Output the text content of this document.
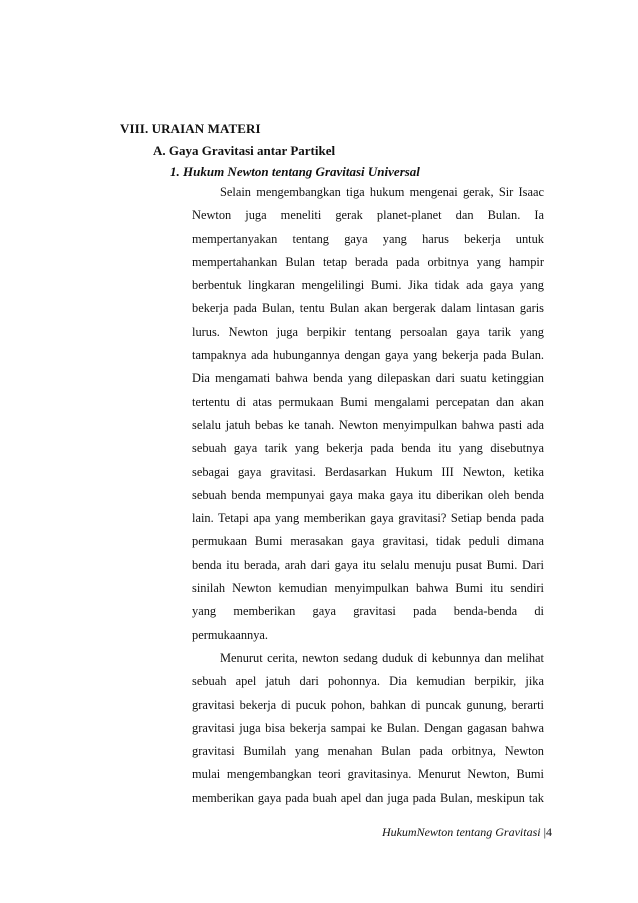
VIII. URAIAN MATERI
A. Gaya Gravitasi antar Partikel
1. Hukum Newton tentang Gravitasi Universal
Selain mengembangkan tiga hukum mengenai gerak, Sir Isaac
Newton juga meneliti gerak planet-planet dan Bulan. Ia
mempertanyakan tentang gaya yang harus bekerja untuk
mempertahankan Bulan tetap berada pada orbitnya yang hampir
berbentuk lingkaran mengelilingi Bumi. Jika tidak ada gaya yang
bekerja pada Bulan, tentu Bulan akan bergerak dalam lintasan garis
lurus. Newton juga berpikir tentang persoalan gaya tarik yang
tampaknya ada hubungannya dengan gaya yang bekerja pada Bulan.
Dia mengamati bahwa benda yang dilepaskan dari suatu ketinggian
tertentu di atas permukaan Bumi mengalami percepatan dan akan
selalu jatuh bebas ke tanah. Newton menyimpulkan bahwa pasti ada
sebuah gaya tarik yang bekerja pada benda itu yang disebutnya
sebagai gaya gravitasi. Berdasarkan Hukum III Newton, ketika
sebuah benda mempunyai gaya maka gaya itu diberikan oleh benda
lain. Tetapi apa yang memberikan gaya gravitasi? Setiap benda pada
permukaan Bumi merasakan gaya gravitasi, tidak peduli dimana
benda itu berada, arah dari gaya itu selalu menuju pusat Bumi. Dari
sinilah Newton kemudian menyimpulkan bahwa Bumi itu sendiri
yang memberikan gaya gravitasi pada benda-benda di
permukaannya.
Menurut cerita, newton sedang duduk di kebunnya dan melihat
sebuah apel jatuh dari pohonnya. Dia kemudian berpikir, jika
gravitasi bekerja di pucuk pohon, bahkan di puncak gunung, berarti
gravitasi juga bisa bekerja sampai ke Bulan. Dengan gagasan bahwa
gravitasi Bumilah yang menahan Bulan pada orbitnya, Newton
mulai mengembangkan teori gravitasinya. Menurut Newton, Bumi
memberikan gaya pada buah apel dan juga pada Bulan, meskipun tak
HukumNewton tentang Gravitasi |4
